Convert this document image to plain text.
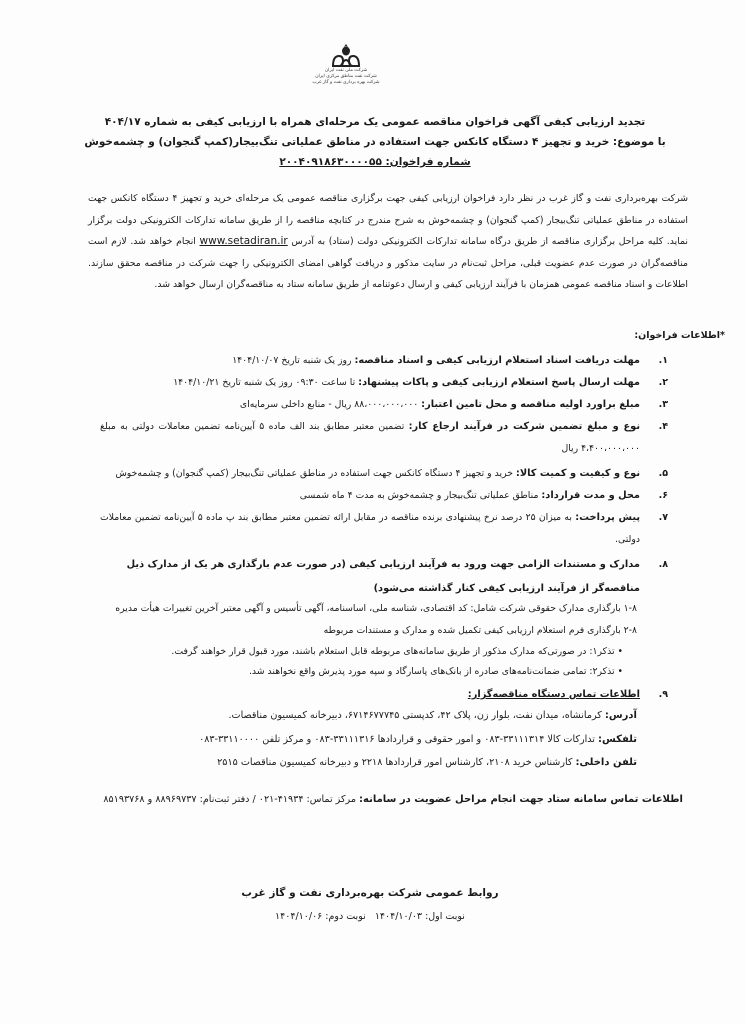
شرکت ملی نفت ایران
شرکت نفت مناطق مرکزی ایران
شرکت بهره برداری نفت و گاز غرب
تجدید ارزیابی کیفی آگهی فراخوان مناقصه عمومی یک مرحله‌ای همراه با ارزیابی کیفی به شماره ۴۰۴/۱۷
با موضوع: خرید و تجهیز ۴ دستگاه کانکس جهت استفاده در مناطق عملیاتی تنگ‌بیجار(کمپ گنجوان) و چشمه‌خوش
شماره فراخوان: ۲۰۰۴۰۹۱۸۶۳۰۰۰۰۵۵
شرکت بهره‌برداری نفت و گاز غرب در نظر دارد فراخوان ارزیابی کیفی جهت برگزاری مناقصه عمومی یک مرحله‌ای خرید و تجهیز ۴ دستگاه کانکس جهت استفاده در مناطق عملیاتی تنگ‌بیجار (کمپ گنجوان) و چشمه‌خوش به شرح مندرج در کتابچه مناقصه را از طریق سامانه تدارکات الکترونیکی دولت برگزار نماید. کلیه مراحل برگزاری مناقصه از طریق درگاه سامانه تدارکات الکترونیکی دولت (ستاد) به آدرس www.setadiran.ir انجام خواهد شد. لازم است مناقصه‌گران در صورت عدم عضویت قبلی، مراحل ثبت‌نام در سایت مذکور و دریافت گواهی امضای الکترونیکی را جهت شرکت در مناقصه محقق سازند. اطلاعات و اسناد مناقصه عمومی همزمان با فرآیند ارزیابی کیفی و ارسال دعوتنامه از طریق سامانه ستاد به مناقصه‌گران ارسال خواهد شد.
*اطلاعات فراخوان:
۱.
مهلت دریافت اسناد استعلام ارزیابی کیفی و اسناد مناقصه: روز یک شنبه تاریخ ۱۴۰۴/۱۰/۰۷
۲.
مهلت ارسال پاسخ استعلام ارزیابی کیفی و پاکات پیشنهاد: تا ساعت ۰۹:۳۰ روز یک شنبه تاریخ ۱۴۰۴/۱۰/۲۱
۳.
مبلغ براورد اولیه مناقصه و محل تامین اعتبار: ۸۸،۰۰۰،۰۰۰،۰۰۰ ریال - منابع داخلی سرمایه‌ای
۴.
نوع و مبلغ تضمین شرکت در فرآیند ارجاع کار: تضمین معتبر مطابق بند الف ماده ۵ آیین‌نامه تضمین معاملات دولتی به مبلغ ۴،۴۰۰،۰۰۰،۰۰۰ ریال
۵.
نوع و کیفیت و کمیت کالا: خرید و تجهیز ۴ دستگاه کانکس جهت استفاده در مناطق عملیاتی تنگ‌بیجار (کمپ گنجوان) و چشمه‌خوش
۶.
محل و مدت قرارداد: مناطق عملیاتی تنگ‌بیجار و چشمه‌خوش به مدت ۴ ماه شمسی
۷.
پیش پرداخت: به میزان ۲۵ درصد نرخ پیشنهادی برنده مناقصه در مقابل ارائه تضمین معتبر مطابق بند پ ماده ۵ آیین‌نامه تضمین معاملات دولتی.
۸.
مدارک و مستندات الزامی جهت ورود به فرآیند ارزیابی کیفی (در صورت عدم بارگذاری هر یک از مدارک ذیل مناقصه‌گر از فرآیند ارزیابی کیفی کنار گذاشته می‌شود)
۱-۸ بارگذاری مدارک حقوقی شرکت شامل: کد اقتصادی، شناسه ملی، اساسنامه، آگهی تأسیس و آگهی معتبر آخرین تغییرات هیأت مدیره
۲-۸ بارگذاری فرم استعلام ارزیابی کیفی تکمیل شده و مدارک و مستندات مربوطه
• تذکر۱: در صورتی‌که مدارک مذکور از طریق سامانه‌های مربوطه قابل استعلام باشند، مورد قبول قرار خواهند گرفت.
• تذکر۲: تمامی ضمانت‌نامه‌های صادره از بانک‌های پاسارگاد و سپه مورد پذیرش واقع نخواهند شد.
۹.
اطلاعات تماس دستگاه مناقصه‌گزار:
آدرس: کرمانشاه، میدان نفت، بلوار زن، پلاک ۴۲، کدپستی ۶۷۱۴۶۷۷۷۴۵، دبیرخانه کمیسیون مناقصات.
تلفکس: تدارکات کالا ۳۳۱۱۱۳۱۴-۰۸۳ و امور حقوقی و قراردادها ۳۳۱۱۱۳۱۶-۰۸۳ و مرکز تلفن ۳۳۱۱۰۰۰۰-۰۸۳
تلفن داخلی: کارشناس خرید ۲۱۰۸، کارشناس امور قراردادها ۲۲۱۸ و دبیرخانه کمیسیون مناقصات ۲۵۱۵
اطلاعات تماس سامانه ستاد جهت انجام مراحل عضویت در سامانه: مرکز تماس: ۴۱۹۳۴-۰۲۱ / دفتر ثبت‌نام: ۸۸۹۶۹۷۳۷ و ۸۵۱۹۳۷۶۸
روابط عمومی شرکت بهره‌برداری نفت و گاز غرب
نوبت اول: ۱۴۰۴/۱۰/۰۳   نوبت دوم: ۱۴۰۴/۱۰/۰۶
